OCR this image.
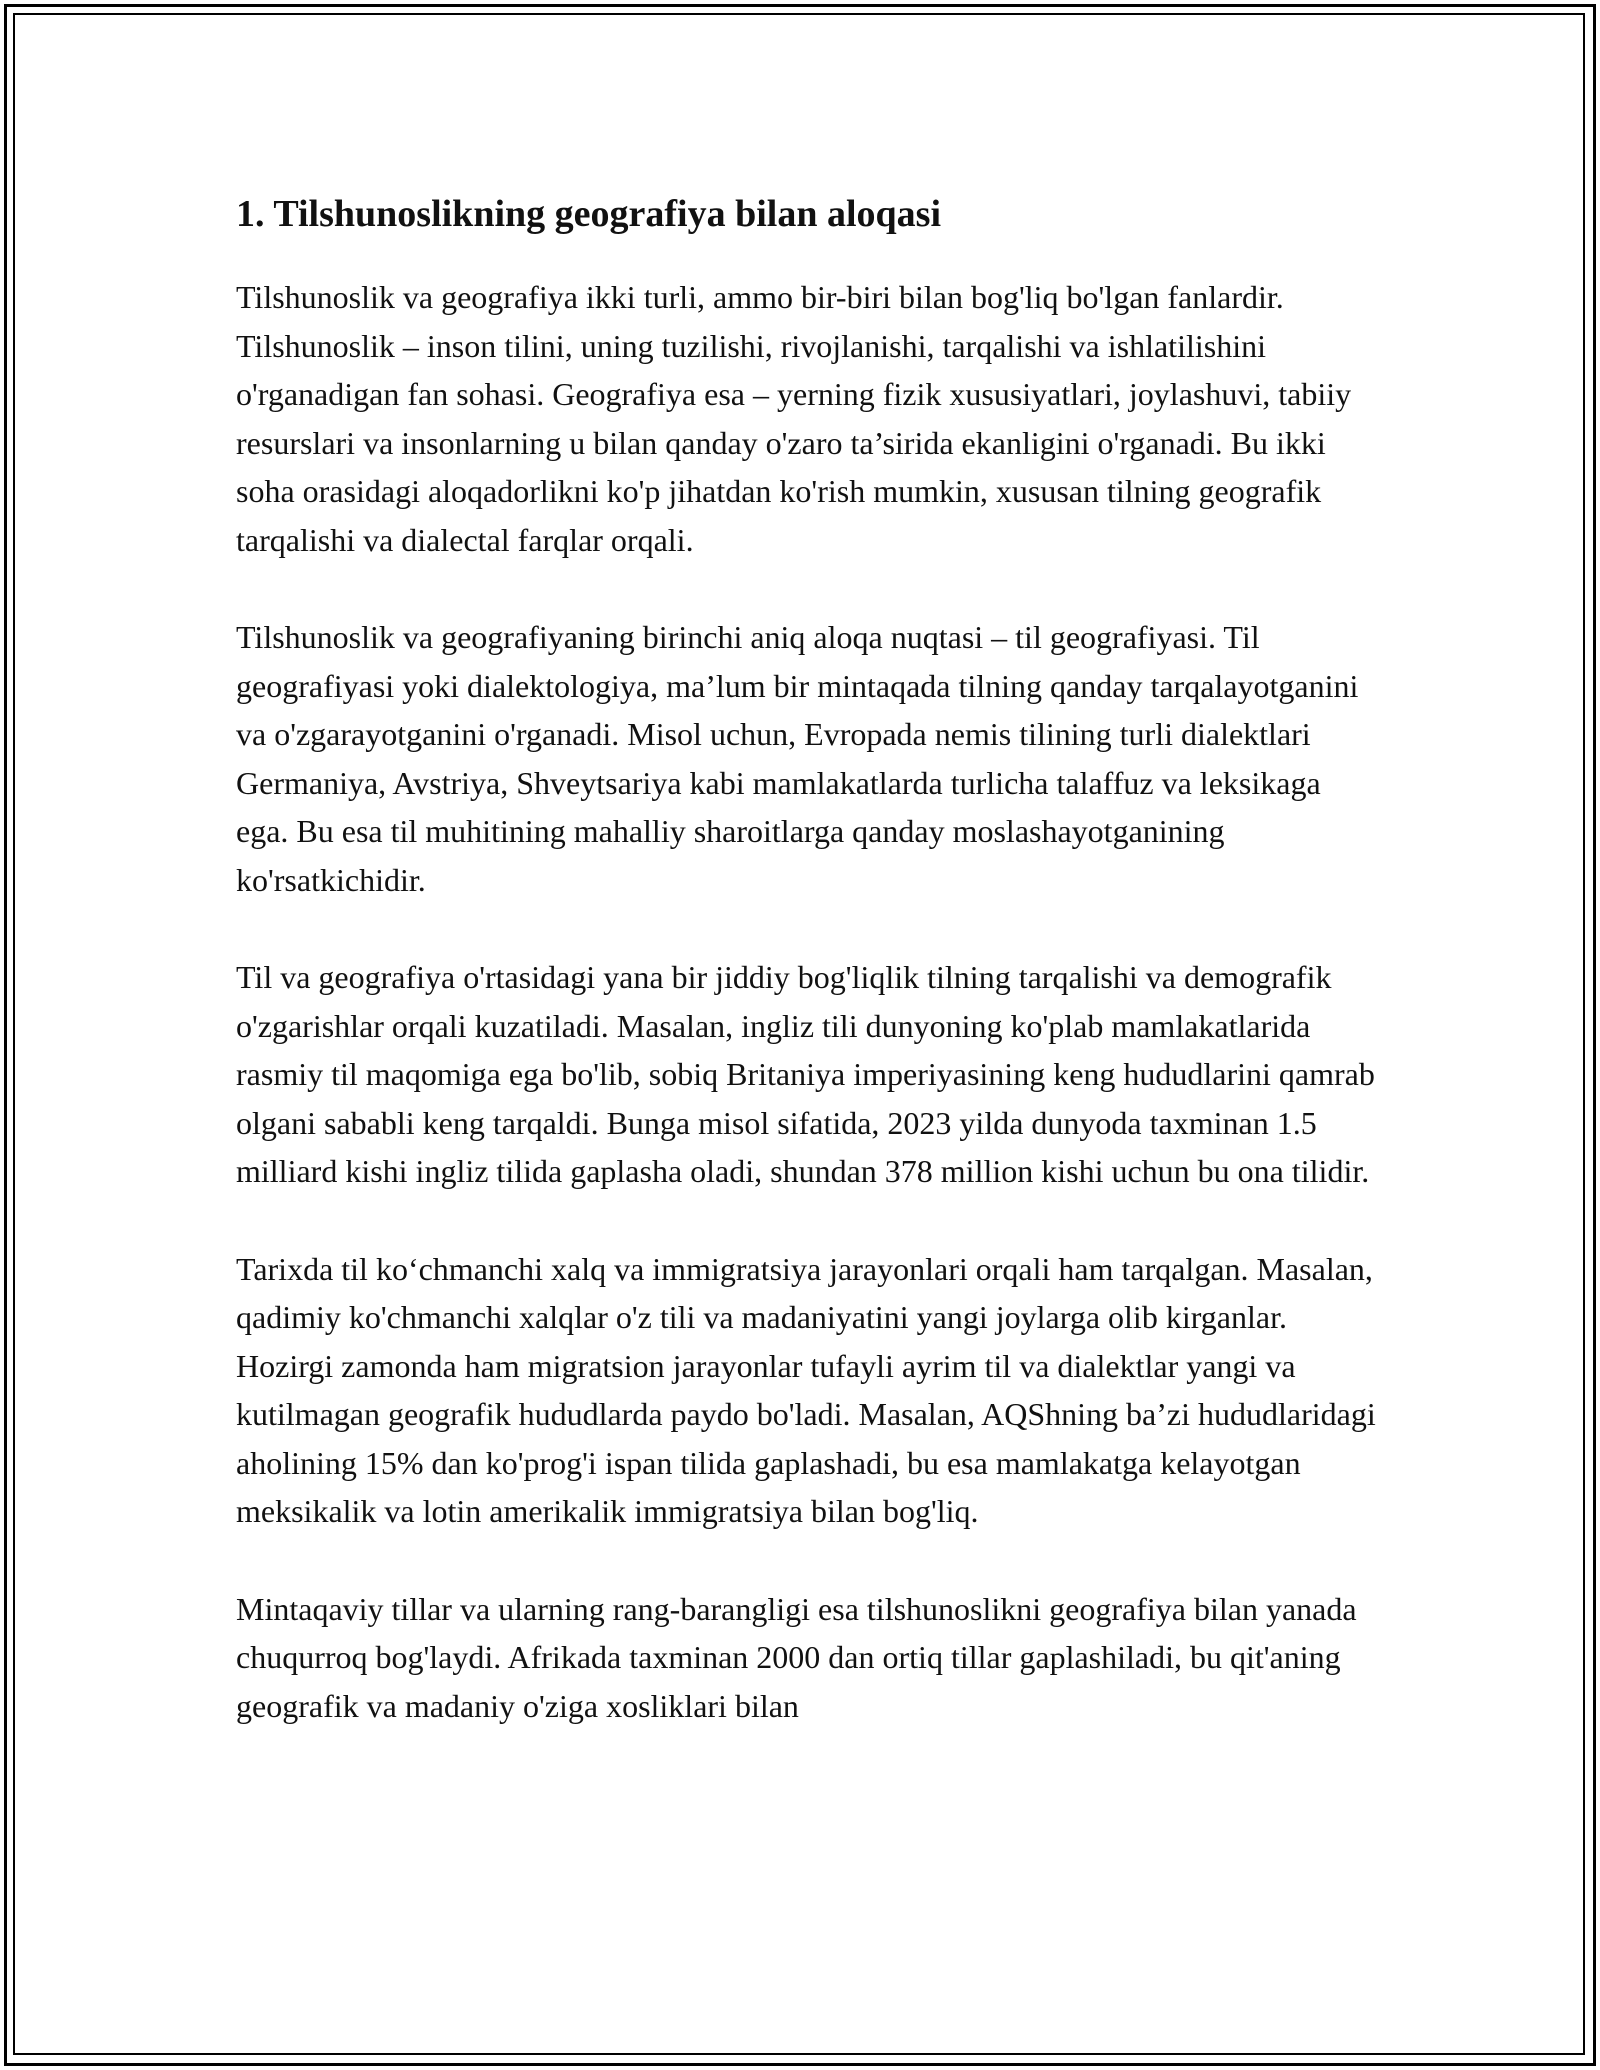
1. Tilshunoslikning geografiya bilan aloqasi

Tilshunoslik va geografiya ikki turli, ammo bir-biri bilan bog'liq bo'lgan fanlardir. Tilshunoslik – inson tilini, uning tuzilishi, rivojlanishi, tarqalishi va ishlatilishini o'rganadigan fan sohasi. Geografiya esa – yerning fizik xususiyatlari, joylashuvi, tabiiy resurslari va insonlarning u bilan qanday o'zaro ta’sirida ekanligini o'rganadi. Bu ikki soha orasidagi aloqadorlikni ko'p jihatdan ko'rish mumkin, xususan tilning geografik tarqalishi va dialectal farqlar orqali.

Tilshunoslik va geografiyaning birinchi aniq aloqa nuqtasi – til geografiyasi. Til geografiyasi yoki dialektologiya, ma’lum bir mintaqada tilning qanday tarqalayotganini va o'zgarayotganini o'rganadi. Misol uchun, Evropada nemis tilining turli dialektlari Germaniya, Avstriya, Shveytsariya kabi mamlakatlarda turlicha talaffuz va leksikaga ega. Bu esa til muhitining mahalliy sharoitlarga qanday moslashayotganining ko'rsatkichidir.

Til va geografiya o'rtasidagi yana bir jiddiy bog'liqlik tilning tarqalishi va demografik o'zgarishlar orqali kuzatiladi. Masalan, ingliz tili dunyoning ko'plab mamlakatlarida rasmiy til maqomiga ega bo'lib, sobiq Britaniya imperiyasining keng hududlarini qamrab olgani sababli keng tarqaldi. Bunga misol sifatida, 2023 yilda dunyoda taxminan 1.5 milliard kishi ingliz tilida gaplasha oladi, shundan 378 million kishi uchun bu ona tilidir.

Tarixda til ko‘chmanchi xalq va immigratsiya jarayonlari orqali ham tarqalgan. Masalan, qadimiy ko'chmanchi xalqlar o'z tili va madaniyatini yangi joylarga olib kirganlar. Hozirgi zamonda ham migratsion jarayonlar tufayli ayrim til va dialektlar yangi va kutilmagan geografik hududlarda paydo bo'ladi. Masalan, AQShning ba’zi hududlaridagi aholining 15% dan ko'prog'i ispan tilida gaplashadi, bu esa mamlakatga kelayotgan meksikalik va lotin amerikalik immigratsiya bilan bog'liq.

Mintaqaviy tillar va ularning rang-barangligi esa tilshunoslikni geografiya bilan yanada chuqurroq bog'laydi. Afrikada taxminan 2000 dan ortiq tillar gaplashiladi, bu qit'aning geografik va madaniy o'ziga xosliklari bilan
